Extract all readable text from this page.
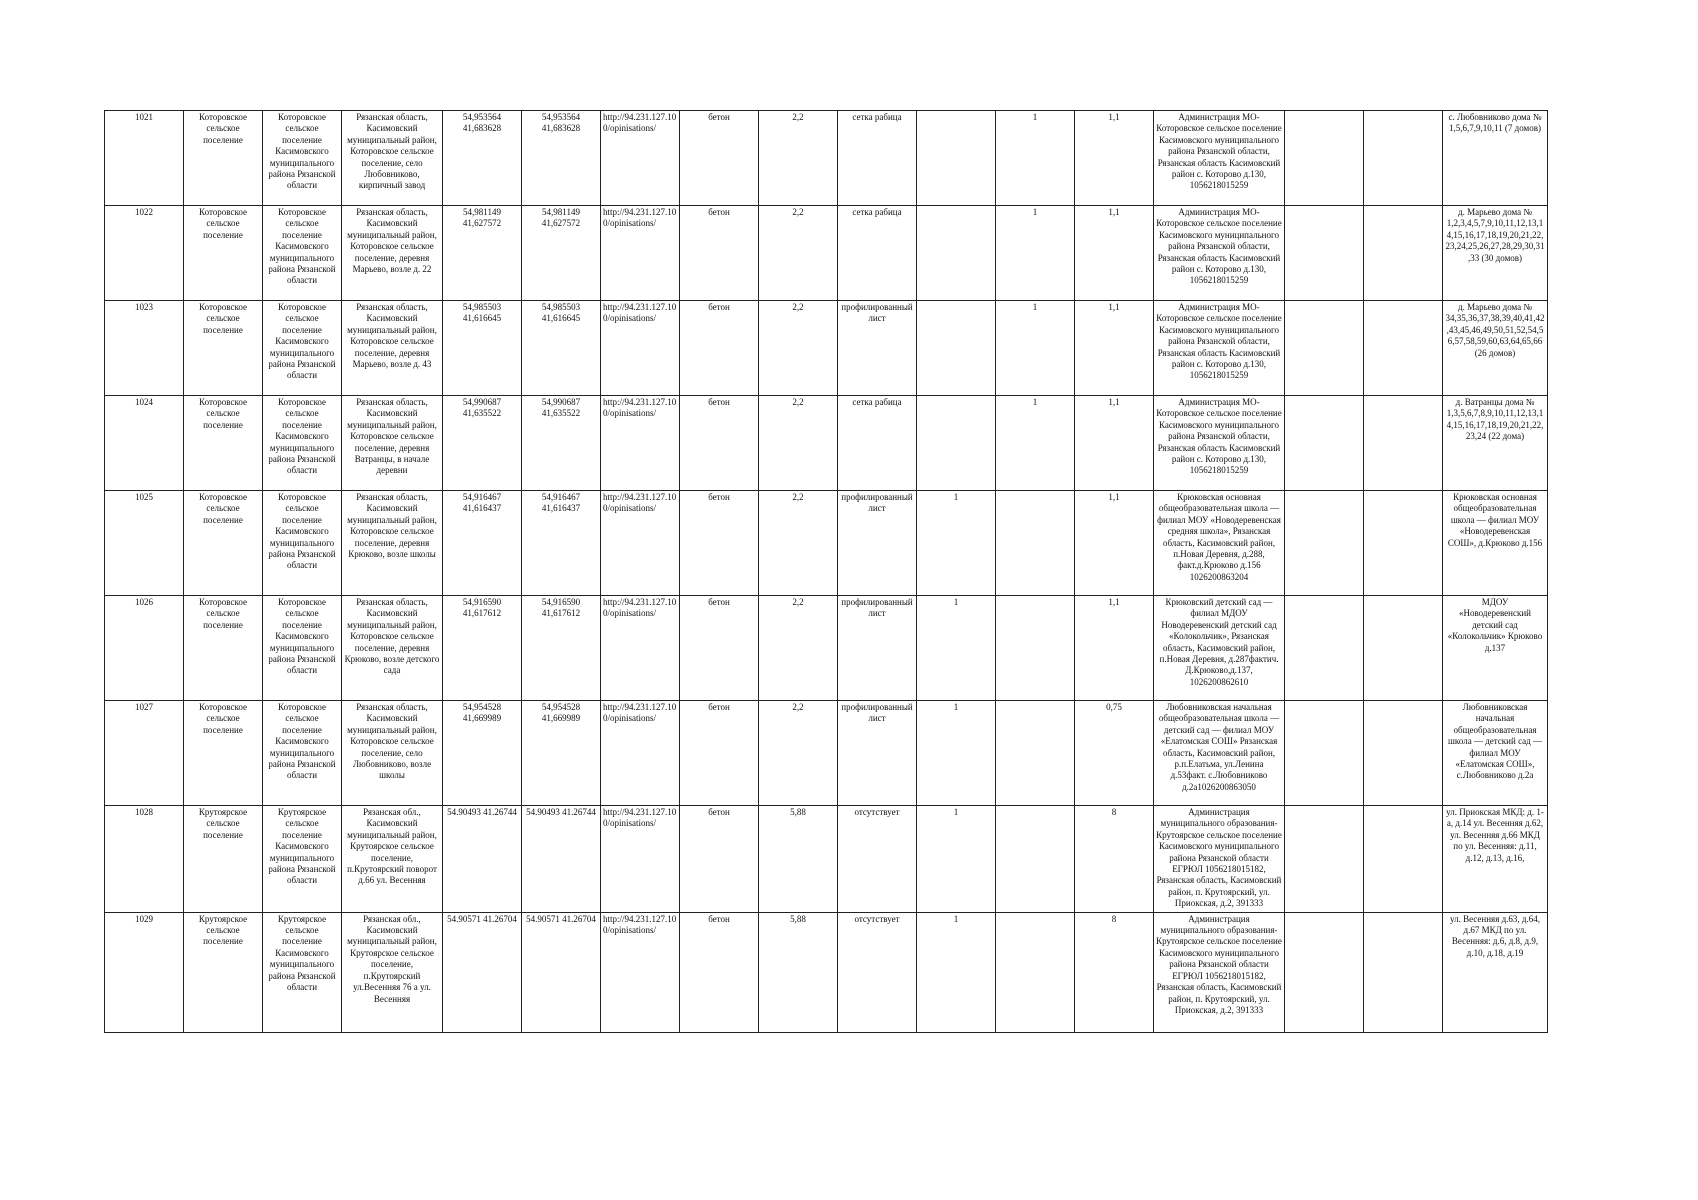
1021	Которовское сельское поселение	Которовское сельское поселение Касимовского муниципального района Рязанской области	Рязанская область, Касимовский муниципальный район, Которовское сельское поселение, село Любовниково, кирпичный завод	54,953564 41,683628	54,953564 41,683628	http://94.231.127.100/opinisations/	бетон	2,2	сетка рабица		1	1,1	Администрация МО-Которовское сельское поселение Касимовского муниципального района Рязанской области, Рязанская область Касимовский район с. Которово д.130, 1056218015259			с. Любовниково дома № 1,5,6,7,9,10,11 (7 домов)
1022	Которовское сельское поселение	Которовское сельское поселение Касимовского муниципального района Рязанской области	Рязанская область, Касимовский муниципальный район, Которовское сельское поселение, деревня Марьево, возле д. 22	54,981149 41,627572	54,981149 41,627572	http://94.231.127.100/opinisations/	бетон	2,2	сетка рабица		1	1,1	Администрация МО-Которовское сельское поселение Касимовского муниципального района Рязанской области, Рязанская область Касимовский район с. Которово д.130, 1056218015259			д. Марьево дома № 1,2,3,4,5,7,9,10,11,12,13,14,15,16,17,18,19,20,21,22,23,24,25,26,27,28,29,30,31,33 (30 домов)
1023	Которовское сельское поселение	Которовское сельское поселение Касимовского муниципального района Рязанской области	Рязанская область, Касимовский муниципальный район, Которовское сельское поселение, деревня Марьево, возле д. 43	54,985503 41,616645	54,985503 41,616645	http://94.231.127.100/opinisations/	бетон	2,2	профилированный лист		1	1,1	Администрация МО-Которовское сельское поселение Касимовского муниципального района Рязанской области, Рязанская область Касимовский район с. Которово д.130, 1056218015259			д. Марьево дома № 34,35,36,37,38,39,40,41,42,43,45,46,49,50,51,52,54,56,57,58,59,60,63,64,65,66 (26 домов)
1024	Которовское сельское поселение	Которовское сельское поселение Касимовского муниципального района Рязанской области	Рязанская область, Касимовский муниципальный район, Которовское сельское поселение, деревня Ватранцы, в начале деревни	54,990687 41,635522	54,990687 41,635522	http://94.231.127.100/opinisations/	бетон	2,2	сетка рабица		1	1,1	Администрация МО-Которовское сельское поселение Касимовского муниципального района Рязанской области, Рязанская область Касимовский район с. Которово д.130, 1056218015259			д. Ватранцы дома № 1,3,5,6,7,8,9,10,11,12,13,14,15,16,17,18,19,20,21,22,23,24 (22 дома)
1025	Которовское сельское поселение	Которовское сельское поселение Касимовского муниципального района Рязанской области	Рязанская область, Касимовский муниципальный район, Которовское сельское поселение, деревня Крюково, возле школы	54,916467 41,616437	54,916467 41,616437	http://94.231.127.100/opinisations/	бетон	2,2	профилированный лист	1		1,1	Крюковская основная общеобразовательная школа — филиал МОУ «Новодеревенская средняя школа», Рязанская область, Касимовский район, п.Новая Деревня, д.288, факт.д.Крюково д.156 1026200863204			Крюковская основная общеобразовательная школа — филиал МОУ «Новодеревенская СОШ», д.Крюково д.156
1026	Которовское сельское поселение	Которовское сельское поселение Касимовского муниципального района Рязанской области	Рязанская область, Касимовский муниципальный район, Которовское сельское поселение, деревня Крюково, возле детского сада	54,916590 41,617612	54,916590 41,617612	http://94.231.127.100/opinisations/	бетон	2,2	профилированный лист	1		1,1	Крюковский детский сад — филиал МДОУ Новодеревенский детский сад «Колокольчик», Рязанская область, Касимовский район, п.Новая Деревня, д.287фактич. Д.Крюково,д.137, 1026200862610			МДОУ «Новодеревенский детский сад «Колокольчик» Крюково д.137
1027	Которовское сельское поселение	Которовское сельское поселение Касимовского муниципального района Рязанской области	Рязанская область, Касимовский муниципальный район, Которовское сельское поселение, село Любовниково, возле школы	54,954528 41,669989	54,954528 41,669989	http://94.231.127.100/opinisations/	бетон	2,2	профилированный лист	1		0,75	Любовниковская начальная общеобразовательная школа — детский сад — филиал МОУ «Елатомская СОШ» Рязанская область, Касимовский район, р.п.Елатьма, ул.Ленина д.53факт. с.Любовниково д.2а1026200863050			Любовниковская начальная общеобразовательная школа — детский сад — филиал МОУ «Елатомская СОШ», с.Любовниково д.2а
1028	Крутоярское сельское поселение	Крутоярское сельское поселение Касимовского муниципального района Рязанской области	Рязанская обл., Касимовский муниципальный район, Крутоярское сельское поселение, п.Крутоярский поворот д.66 ул. Весенняя	54.90493 41.26744	54.90493 41.26744	http://94.231.127.100/opinisations/	бетон	5,88	отсутствует	1		8	Администрация муниципального образования-Крутоярское сельское поселение Касимовского муниципального района Рязанской области ЕГРЮЛ 1056218015182, Рязанская область, Касимовский район, п. Крутоярский, ул. Приокская, д.2, 391333			ул. Приокская МКД: д. 1-а, д.14 ул. Весенняя д.62, ул. Весенняя д.66 МКД по ул. Весенняя: д.11, д.12, д.13, д.16,
1029	Крутоярское сельское поселение	Крутоярское сельское поселение Касимовского муниципального района Рязанской области	Рязанская обл., Касимовский муниципальный район, Крутоярское сельское поселение, п.Крутоярский ул.Весенняя 76 а ул. Весенняя	54.90571 41.26704	54.90571 41.26704	http://94.231.127.100/opinisations/	бетон	5,88	отсутствует	1		8	Администрация муниципального образования-Крутоярское сельское поселение Касимовского муниципального района Рязанской области ЕГРЮЛ 1056218015182, Рязанская область, Касимовский район, п. Крутоярский, ул. Приокская, д.2, 391333			ул. Весенняя д.63, д.64, д.67 МКД по ул. Весенняя: д.6, д.8, д.9, д.10, д.18, д.19
